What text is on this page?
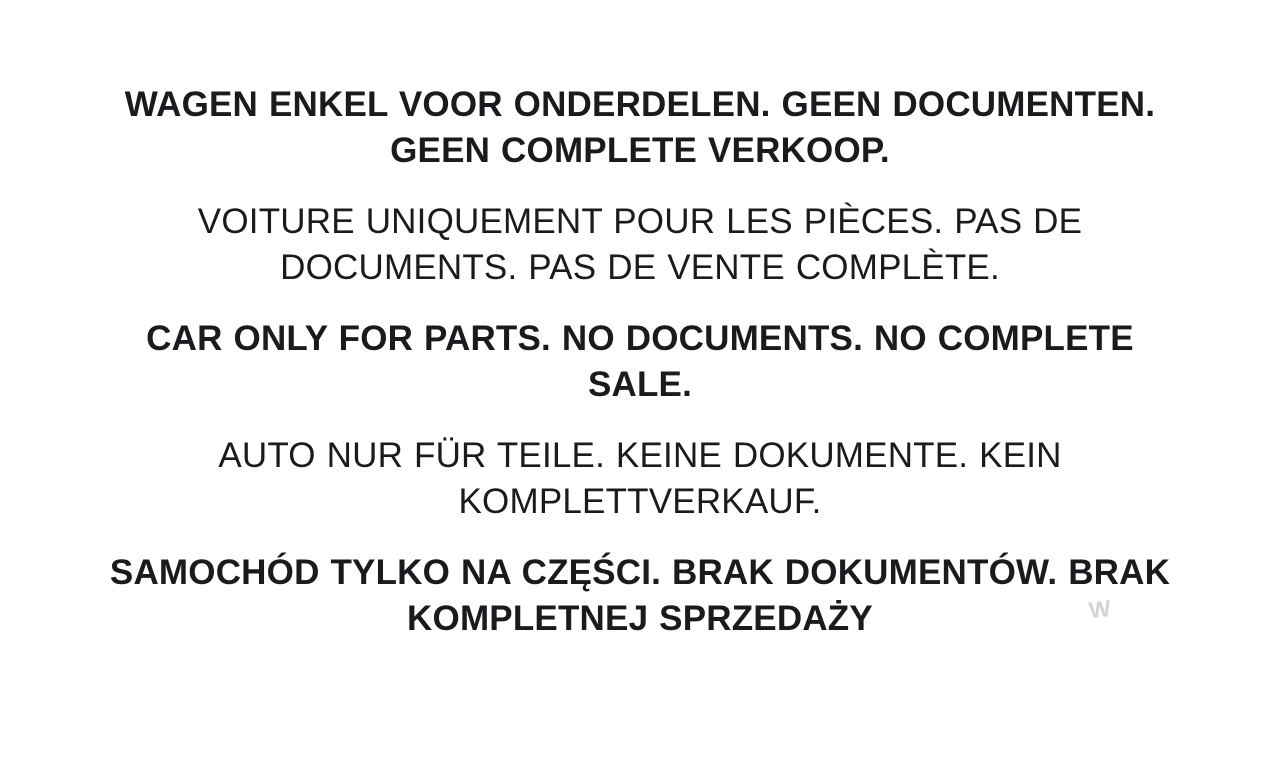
WAGEN ENKEL VOOR ONDERDELEN. GEEN DOCUMENTEN. GEEN COMPLETE VERKOOP.

VOITURE UNIQUEMENT POUR LES PIÈCES. PAS DE DOCUMENTS. PAS DE VENTE COMPLÈTE.

CAR ONLY FOR PARTS. NO DOCUMENTS. NO COMPLETE SALE.

AUTO NUR FÜR TEILE. KEINE DOKUMENTE. KEIN KOMPLETTVERKAUF.

SAMOCHÓD TYLKO NA CZĘŚCI. BRAK DOKUMENTÓW. BRAK KOMPLETNEJ SPRZEDAŻY	W
